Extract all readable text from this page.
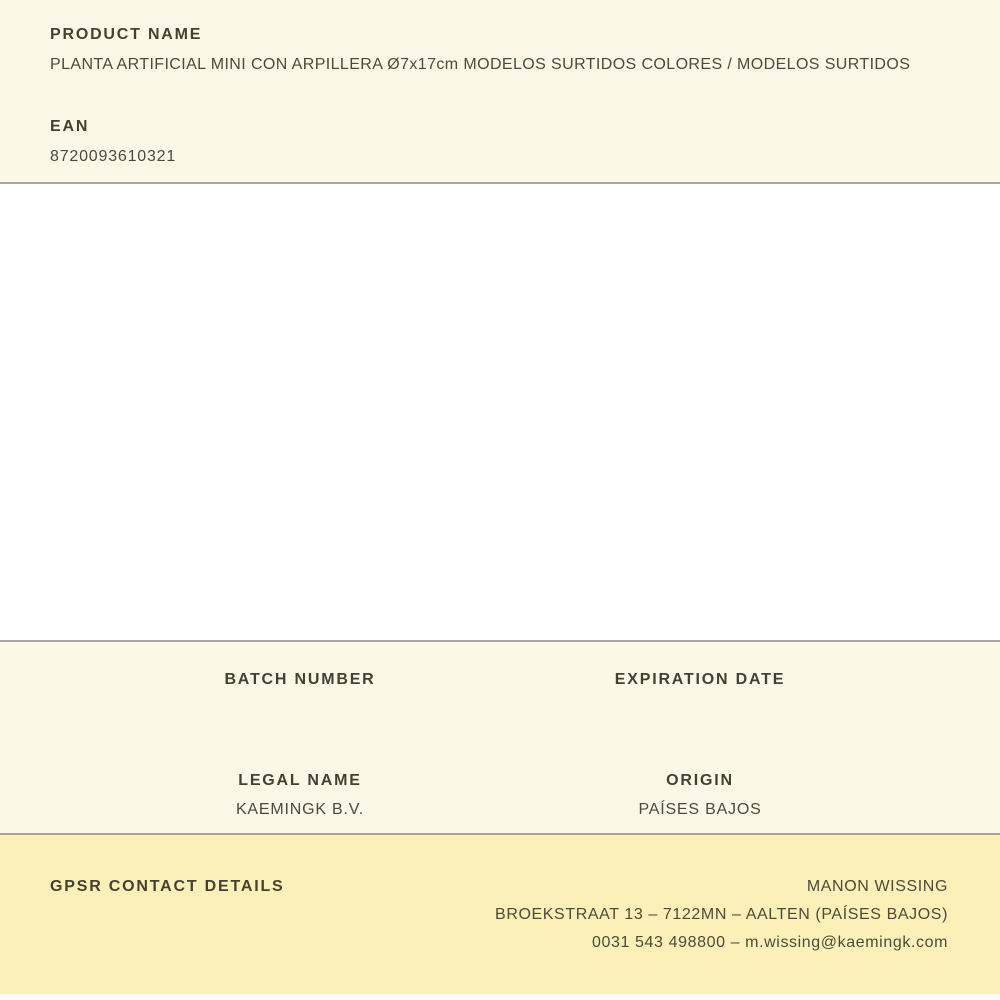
PRODUCT NAME
PLANTA ARTIFICIAL MINI CON ARPILLERA Ø7x17cm MODELOS SURTIDOS COLORES / MODELOS SURTIDOS
EAN
8720093610321
BATCH NUMBER	EXPIRATION DATE
LEGAL NAME
KAEMINGK B.V.
ORIGIN
PAÍSES BAJOS
GPSR CONTACT DETAILS	MANON WISSING
BROEKSTRAAT 13 – 7122MN – AALTEN (PAÍSES BAJOS)
0031 543 498800 – m.wissing@kaemingk.com
